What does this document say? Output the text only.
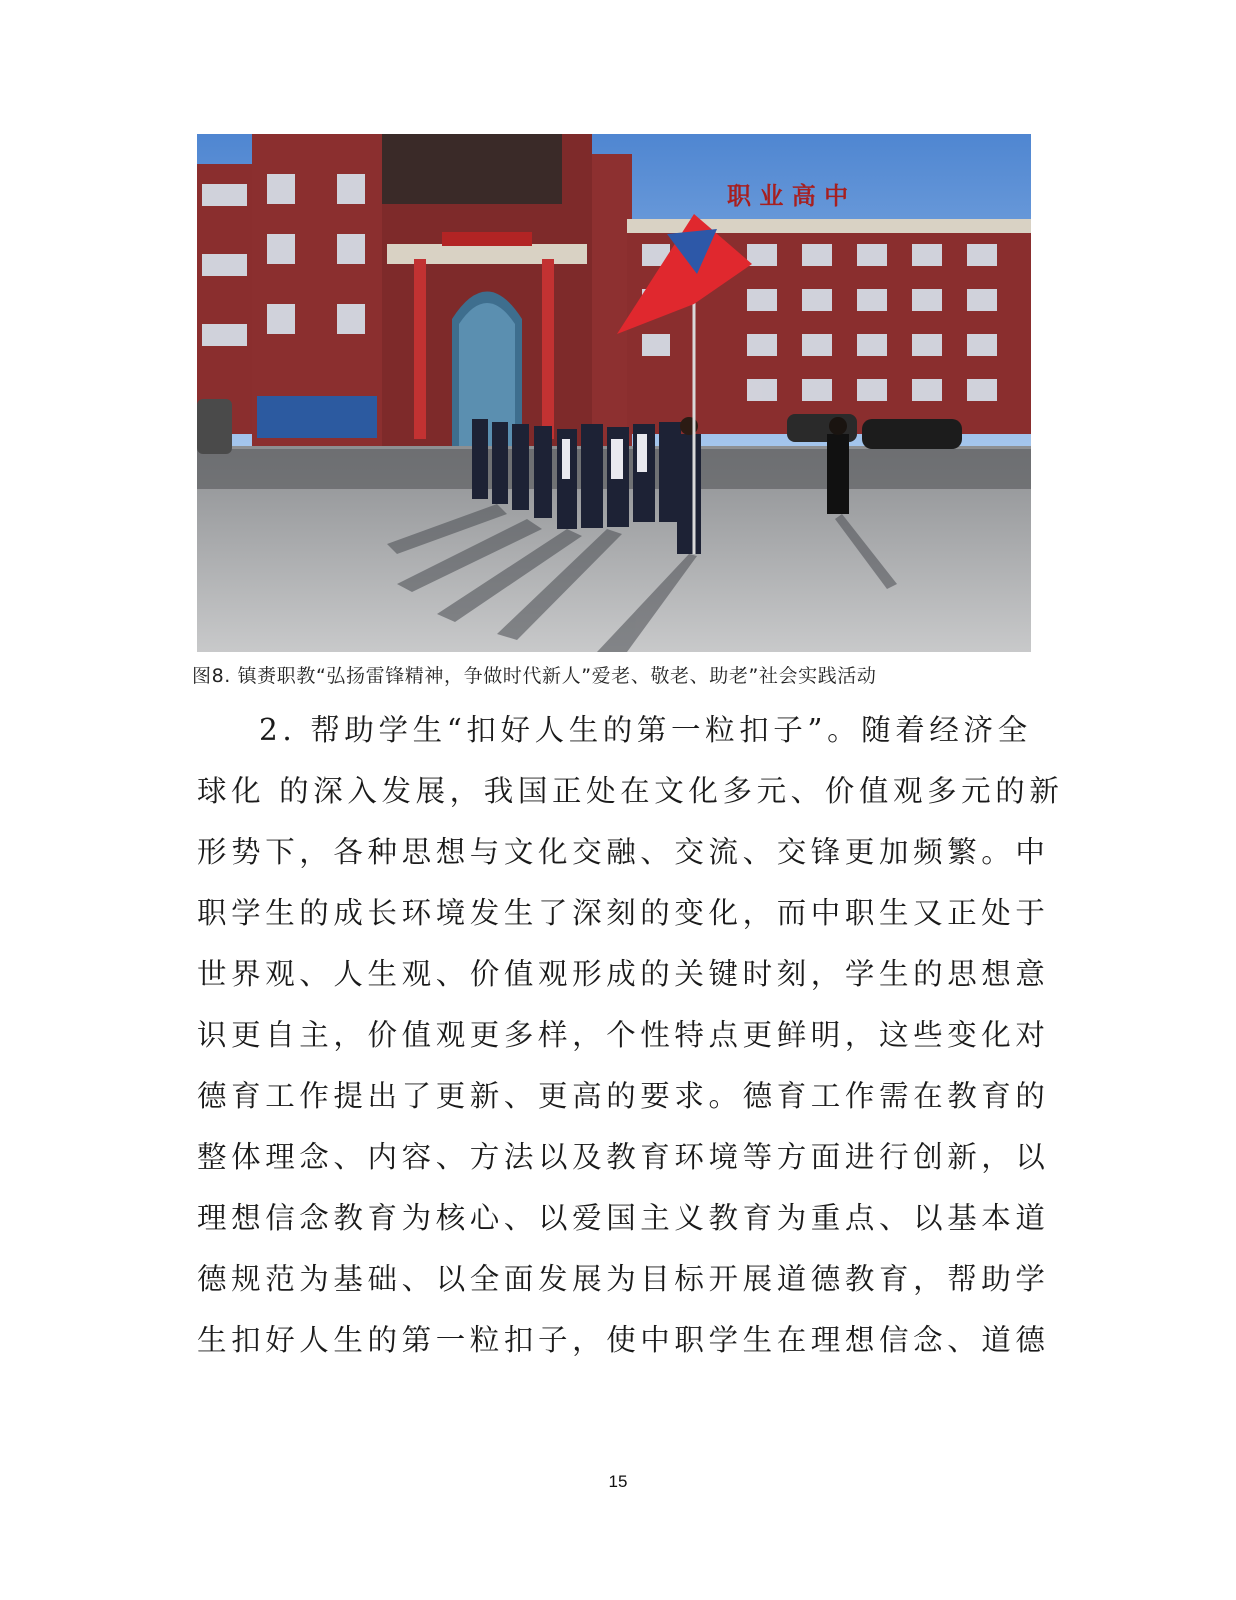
职 业 高 中
图8. 镇赉职教“弘扬雷锋精神，争做时代新人”爱老、敬老、助老”社会实践活动
2. 帮助学生“扣好人生的第一粒扣子”。随着经济全
球化 的深入发展，我国正处在文化多元、价值观多元的新
形势下，各种思想与文化交融、交流、交锋更加频繁。中
职学生的成长环境发生了深刻的变化，而中职生又正处于
世界观、人生观、价值观形成的关键时刻，学生的思想意
识更自主，价值观更多样，个性特点更鲜明，这些变化对
德育工作提出了更新、更高的要求。德育工作需在教育的
整体理念、内容、方法以及教育环境等方面进行创新，以
理想信念教育为核心、以爱国主义教育为重点、以基本道
德规范为基础、以全面发展为目标开展道德教育，帮助学
生扣好人生的第一粒扣子，使中职学生在理想信念、道德
15
